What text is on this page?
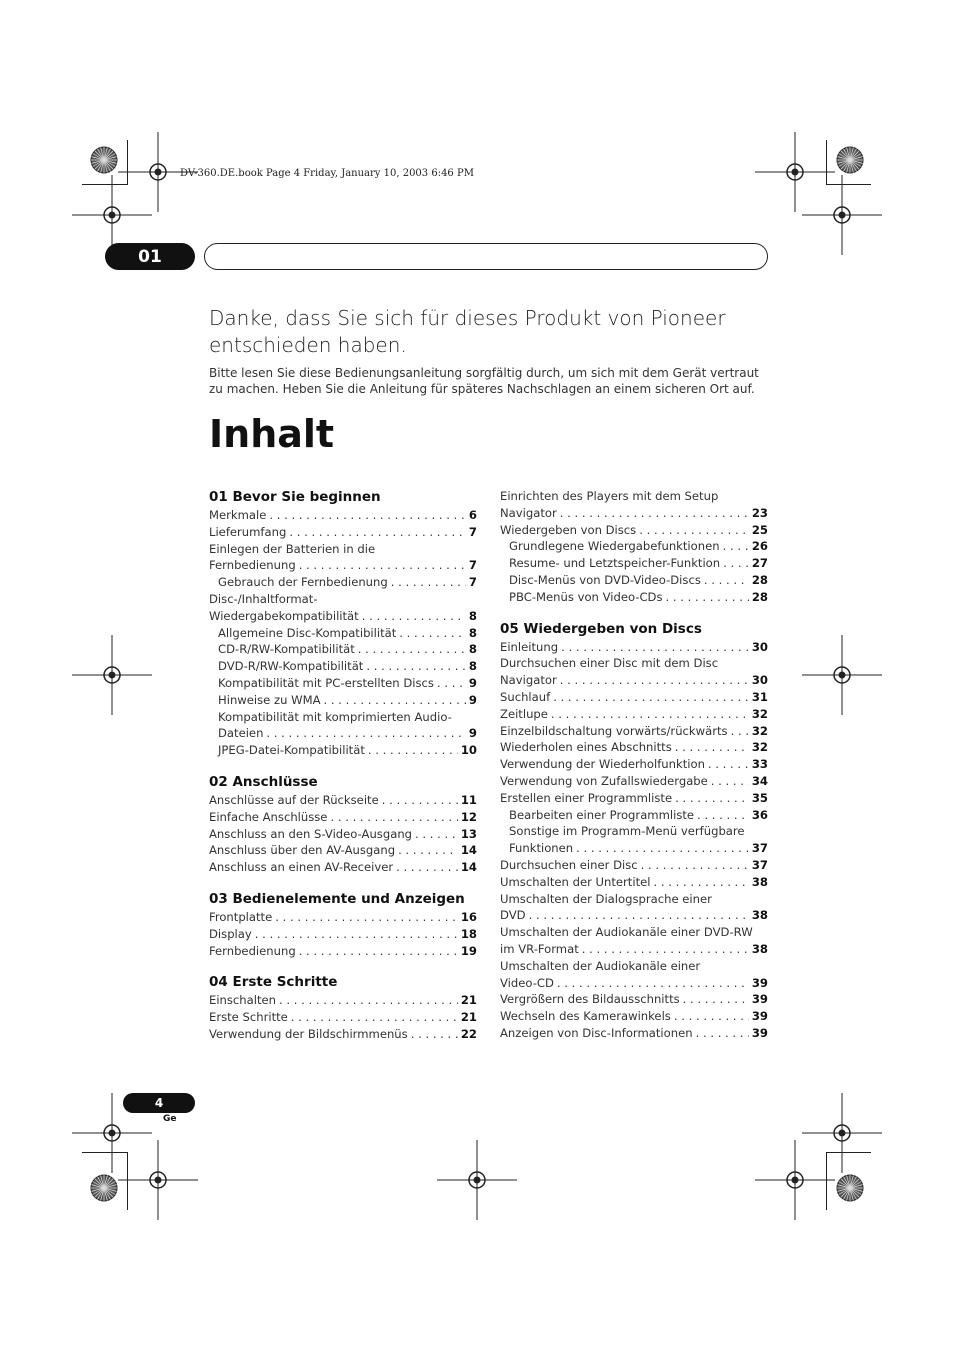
DV-360.DE.book Page 4 Friday, January 10, 2003 6:46 PM
01
Danke, dass Sie sich für dieses Produkt von Pioneer entschieden haben.
Bitte lesen Sie diese Bedienungsanleitung sorgfältig durch, um sich mit dem Gerät vertraut zu machen. Heben Sie die Anleitung für späteres Nachschlagen an einem sicheren Ort auf.
Inhalt
01 Bevor Sie beginnen
Merkmale . . .	6
Lieferumfang . . .	7
Einlegen der Batterien in die
Fernbedienung . . .	7
Gebrauch der Fernbedienung . . .	7
Disc-/Inhaltformat-
Wiedergabekompatibilität . . .	8
Allgemeine Disc-Kompatibilität . . .	8
CD-R/RW-Kompatibilität . . .	8
DVD-R/RW-Kompatibilität . . .	8
Kompatibilität mit PC-erstellten Discs . . .	9
Hinweise zu WMA . . .	9
Kompatibilität mit komprimierten Audio-
Dateien . . .	9
JPEG-Datei-Kompatibilität . . .	10
02 Anschlüsse
Anschlüsse auf der Rückseite . . .	11
Einfache Anschlüsse . . .	12
Anschluss an den S-Video-Ausgang . . .	13
Anschluss über den AV-Ausgang . . .	14
Anschluss an einen AV-Receiver . . .	14
03 Bedienelemente und Anzeigen
Frontplatte . . .	16
Display . . .	18
Fernbedienung . . .	19
04 Erste Schritte
Einschalten . . .	21
Erste Schritte . . .	21
Verwendung der Bildschirmmenüs . . .	22
Einrichten des Players mit dem Setup
Navigator . . .	23
Wiedergeben von Discs . . .	25
Grundlegene Wiedergabefunktionen . . .	26
Resume- und Letztspeicher-Funktion . . .	27
Disc-Menüs von DVD-Video-Discs . . .	28
PBC-Menüs von Video-CDs . . .	28
05 Wiedergeben von Discs
Einleitung . . .	30
Durchsuchen einer Disc mit dem Disc
Navigator . . .	30
Suchlauf . . .	31
Zeitlupe . . .	32
Einzelbildschaltung vorwärts/rückwärts . . . 32
Wiederholen eines Abschnitts . . .	32
Verwendung der Wiederholfunktion . . .	33
Verwendung von Zufallswiedergabe . . .	34
Erstellen einer Programmliste . . .	35
Bearbeiten einer Programmliste . . .	36
Sonstige im Programm-Menü verfügbare
Funktionen . . .	37
Durchsuchen einer Disc . . .	37
Umschalten der Untertitel . . .	38
Umschalten der Dialogsprache einer
DVD . . .	38
Umschalten der Audiokanäle einer DVD-RW
im VR-Format . . .	38
Umschalten der Audiokanäle einer
Video-CD . . .	39
Vergrößern des Bildausschnitts . . .	39
Wechseln des Kamerawinkels . . .	39
Anzeigen von Disc-Informationen . . .	39
4
Ge
